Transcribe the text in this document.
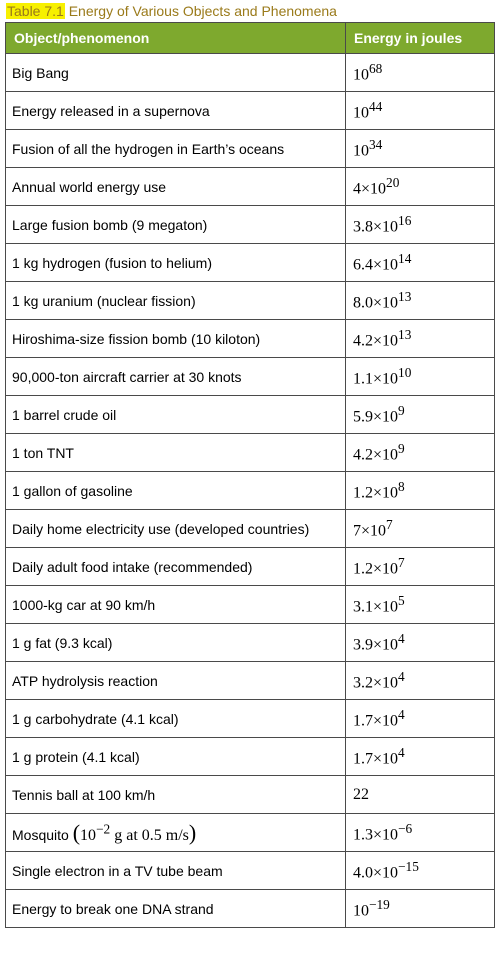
Table 7.1 Energy of Various Objects and Phenomena
Object/phenomenon	Energy in joules
Big Bang	$10^{68}$
Energy released in a supernova	$10^{44}$
Fusion of all the hydrogen in Earth’s oceans	$10^{34}$
Annual world energy use	$4\times 10^{20}$
Large fusion bomb (9 megaton)	$3.8\times 10^{16}$
1 kg hydrogen (fusion to helium)	$6.4\times 10^{14}$
1 kg uranium (nuclear fission)	$8.0\times 10^{13}$
Hiroshima-size fission bomb (10 kiloton)	$4.2\times 10^{13}$
90,000-ton aircraft carrier at 30 knots	$1.1\times 10^{10}$
1 barrel crude oil	$5.9\times 10^9$
1 ton TNT	$4.2\times 10^9$
1 gallon of gasoline	$1.2\times 10^8$
Daily home electricity use (developed countries)	$7\times 10^7$
Daily adult food intake (recommended)	$1.2\times 10^7$
1000-kg car at 90 km/h	$3.1\times 10^5$
1 g fat (9.3 kcal)	$3.9\times 10^4$
ATP hydrolysis reaction	$3.2\times 10^4$
1 g carbohydrate (4.1 kcal)	$1.7\times 10^4$
1 g protein (4.1 kcal)	$1.7\times 10^4$
Tennis ball at 100 km/h	22
Mosquito ($10^{-2}$ g at 0.5 m/s)	$1.3\times 10^{-6}$
Single electron in a TV tube beam	$4.0\times 10^{-15}$
Energy to break one DNA strand	$10^{-19}$
